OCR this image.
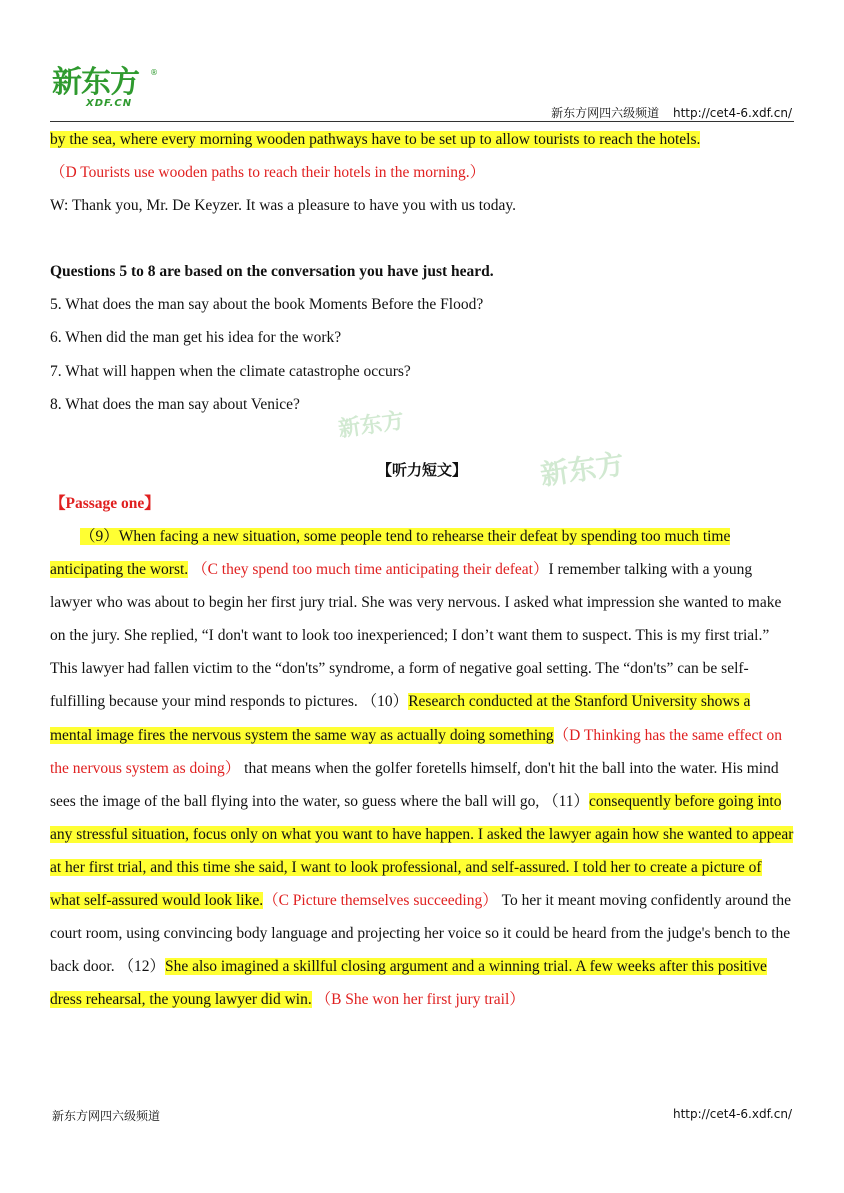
新东方
XDF.CN
®
新东方网四六级频道 http://cet4-6.xdf.cn/
新东方
新东方

by the sea, where every morning wooden pathways have to be set up to allow tourists to reach the hotels.

（D Tourists use wooden paths to reach their hotels in the morning.）

W: Thank you, Mr. De Keyzer. It was a pleasure to have you with us today.

Questions 5 to 8 are based on the conversation you have just heard.

5. What does the man say about the book Moments Before the Flood?

6. When did the man get his idea for the work?

7. What will happen when the climate catastrophe occurs?

8. What does the man say about Venice?

【听力短文】

【Passage one】

（9）When facing a new situation, some people tend to rehearse their defeat by spending too much time anticipating the worst. （C they spend too much time anticipating their defeat）I remember talking with a young lawyer who was about to begin her first jury trial. She was very nervous. I asked what impression she wanted to make on the jury. She replied, “I don't want to look too inexperienced; I don’t want them to suspect. This is my first trial.” This lawyer had fallen victim to the “don'ts” syndrome, a form of negative goal setting. The “don'ts” can be self-fulfilling because your mind responds to pictures. （10）Research conducted at the Stanford University shows a mental image fires the nervous system the same way as actually doing something（D Thinking has the same effect on the nervous system as doing） that means when the golfer foretells himself, don't hit the ball into the water. His mind sees the image of the ball flying into the water, so guess where the ball will go, （11）consequently before going into any stressful situation, focus only on what you want to have happen. I asked the lawyer again how she wanted to appear at her first trial, and this time she said, I want to look professional, and self-assured. I told her to create a picture of what self-assured would look like.（C Picture themselves succeeding） To her it meant moving confidently around the court room, using convincing body language and projecting her voice so it could be heard from the judge's bench to the back door. （12）She also imagined a skillful closing argument and a winning trial. A few weeks after this positive dress rehearsal, the young lawyer did win. （B She won her first jury trail）

新东方网四六级频道	http://cet4-6.xdf.cn/
